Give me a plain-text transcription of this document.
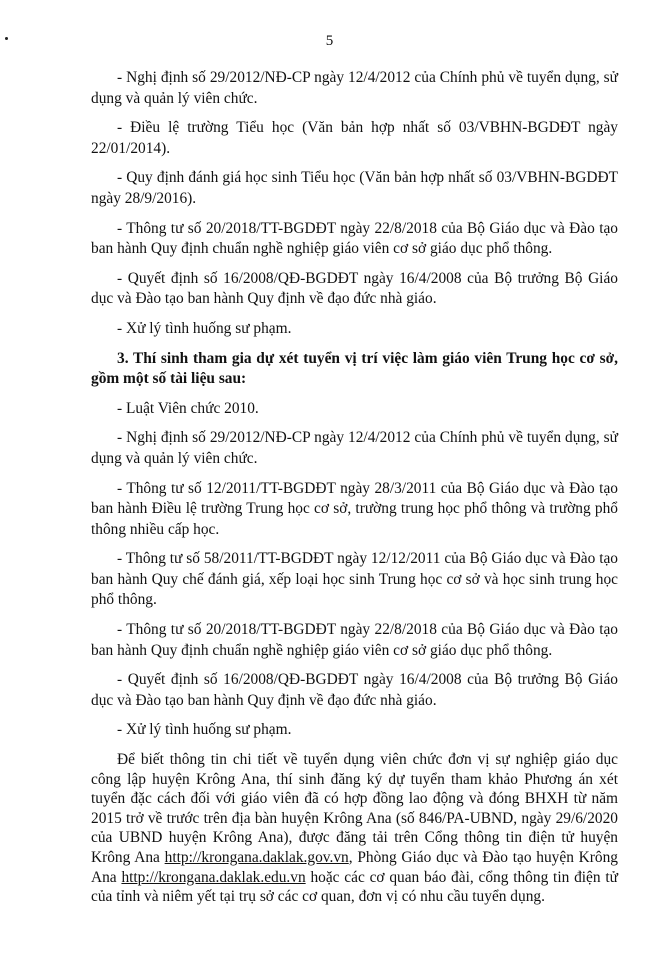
5

- Nghị định số 29/2012/NĐ-CP ngày 12/4/2012 của Chính phủ về tuyển dụng, sử dụng và quản lý viên chức.

- Điều lệ trường Tiểu học (Văn bản hợp nhất số 03/VBHN-BGDĐT ngày 22/01/2014).

- Quy định đánh giá học sinh Tiểu học (Văn bản hợp nhất số 03/VBHN-BGDĐT ngày 28/9/2016).

- Thông tư số 20/2018/TT-BGDĐT ngày 22/8/2018 của Bộ Giáo dục và Đào tạo ban hành Quy định chuẩn nghề nghiệp giáo viên cơ sở giáo dục phổ thông.

- Quyết định số 16/2008/QĐ-BGDĐT ngày 16/4/2008 của Bộ trưởng Bộ Giáo dục và Đào tạo ban hành Quy định về đạo đức nhà giáo.

- Xử lý tình huống sư phạm.

3. Thí sinh tham gia dự xét tuyển vị trí việc làm giáo viên Trung học cơ sở, gồm một số tài liệu sau:

- Luật Viên chức 2010.

- Nghị định số 29/2012/NĐ-CP ngày 12/4/2012 của Chính phủ về tuyển dụng, sử dụng và quản lý viên chức.

- Thông tư số 12/2011/TT-BGDĐT ngày 28/3/2011 của Bộ Giáo dục và Đào tạo ban hành Điều lệ trường Trung học cơ sở, trường trung học phổ thông và trường phổ thông nhiều cấp học.

- Thông tư số 58/2011/TT-BGDĐT ngày 12/12/2011 của Bộ Giáo dục và Đào tạo ban hành Quy chế đánh giá, xếp loại học sinh Trung học cơ sở và học sinh trung học phổ thông.

- Thông tư số 20/2018/TT-BGDĐT ngày 22/8/2018 của Bộ Giáo dục và Đào tạo ban hành Quy định chuẩn nghề nghiệp giáo viên cơ sở giáo dục phổ thông.

- Quyết định số 16/2008/QĐ-BGDĐT ngày 16/4/2008 của Bộ trưởng Bộ Giáo dục và Đào tạo ban hành Quy định về đạo đức nhà giáo.

- Xử lý tình huống sư phạm.

Để biết thông tin chi tiết về tuyển dụng viên chức đơn vị sự nghiệp giáo dục công lập huyện Krông Ana, thí sinh đăng ký dự tuyển tham khảo Phương án xét tuyển đặc cách đối với giáo viên đã có hợp đồng lao động và đóng BHXH từ năm 2015 trở về trước trên địa bàn huyện Krông Ana (số 846/PA-UBND, ngày 29/6/2020 của UBND huyện Krông Ana), được đăng tải trên Cổng thông tin điện tử huyện Krông Ana http://krongana.daklak.gov.vn, Phòng Giáo dục và Đào tạo huyện Krông Ana http://krongana.daklak.edu.vn hoặc các cơ quan báo đài, cổng thông tin điện tử của tỉnh và niêm yết tại trụ sở các cơ quan, đơn vị có nhu cầu tuyển dụng.
